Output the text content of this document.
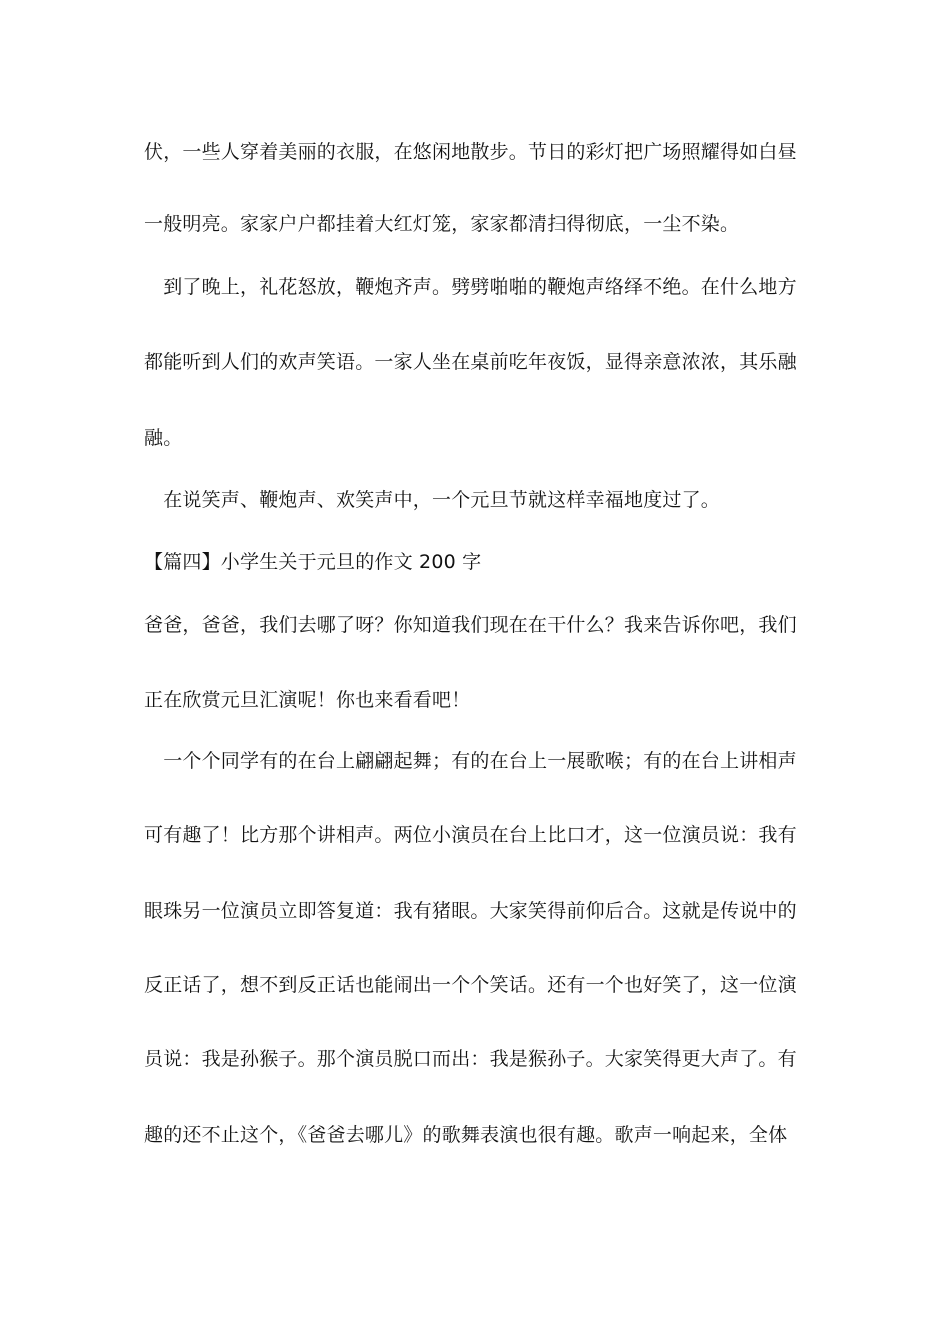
伏，一些人穿着美丽的衣服，在悠闲地散步。节日的彩灯把广场照耀得如白昼
一般明亮。家家户户都挂着大红灯笼，家家都清扫得彻底，一尘不染。
　到了晚上，礼花怒放，鞭炮齐声。劈劈啪啪的鞭炮声络绎不绝。在什么地方
都能听到人们的欢声笑语。一家人坐在桌前吃年夜饭，显得亲意浓浓，其乐融
融。
　在说笑声、鞭炮声、欢笑声中，一个元旦节就这样幸福地度过了。
【篇四】小学生关于元旦的作文 200 字
爸爸，爸爸，我们去哪了呀？你知道我们现在在干什么？我来告诉你吧，我们
正在欣赏元旦汇演呢！你也来看看吧！
　一个个同学有的在台上翩翩起舞；有的在台上一展歌喉；有的在台上讲相声
可有趣了！比方那个讲相声。两位小演员在台上比口才，这一位演员说：我有
眼珠另一位演员立即答复道：我有猪眼。大家笑得前仰后合。这就是传说中的
反正话了，想不到反正话也能闹出一个个笑话。还有一个也好笑了，这一位演
员说：我是孙猴子。那个演员脱口而出：我是猴孙子。大家笑得更大声了。有
趣的还不止这个，《爸爸去哪儿》的歌舞表演也很有趣。歌声一响起来，全体
